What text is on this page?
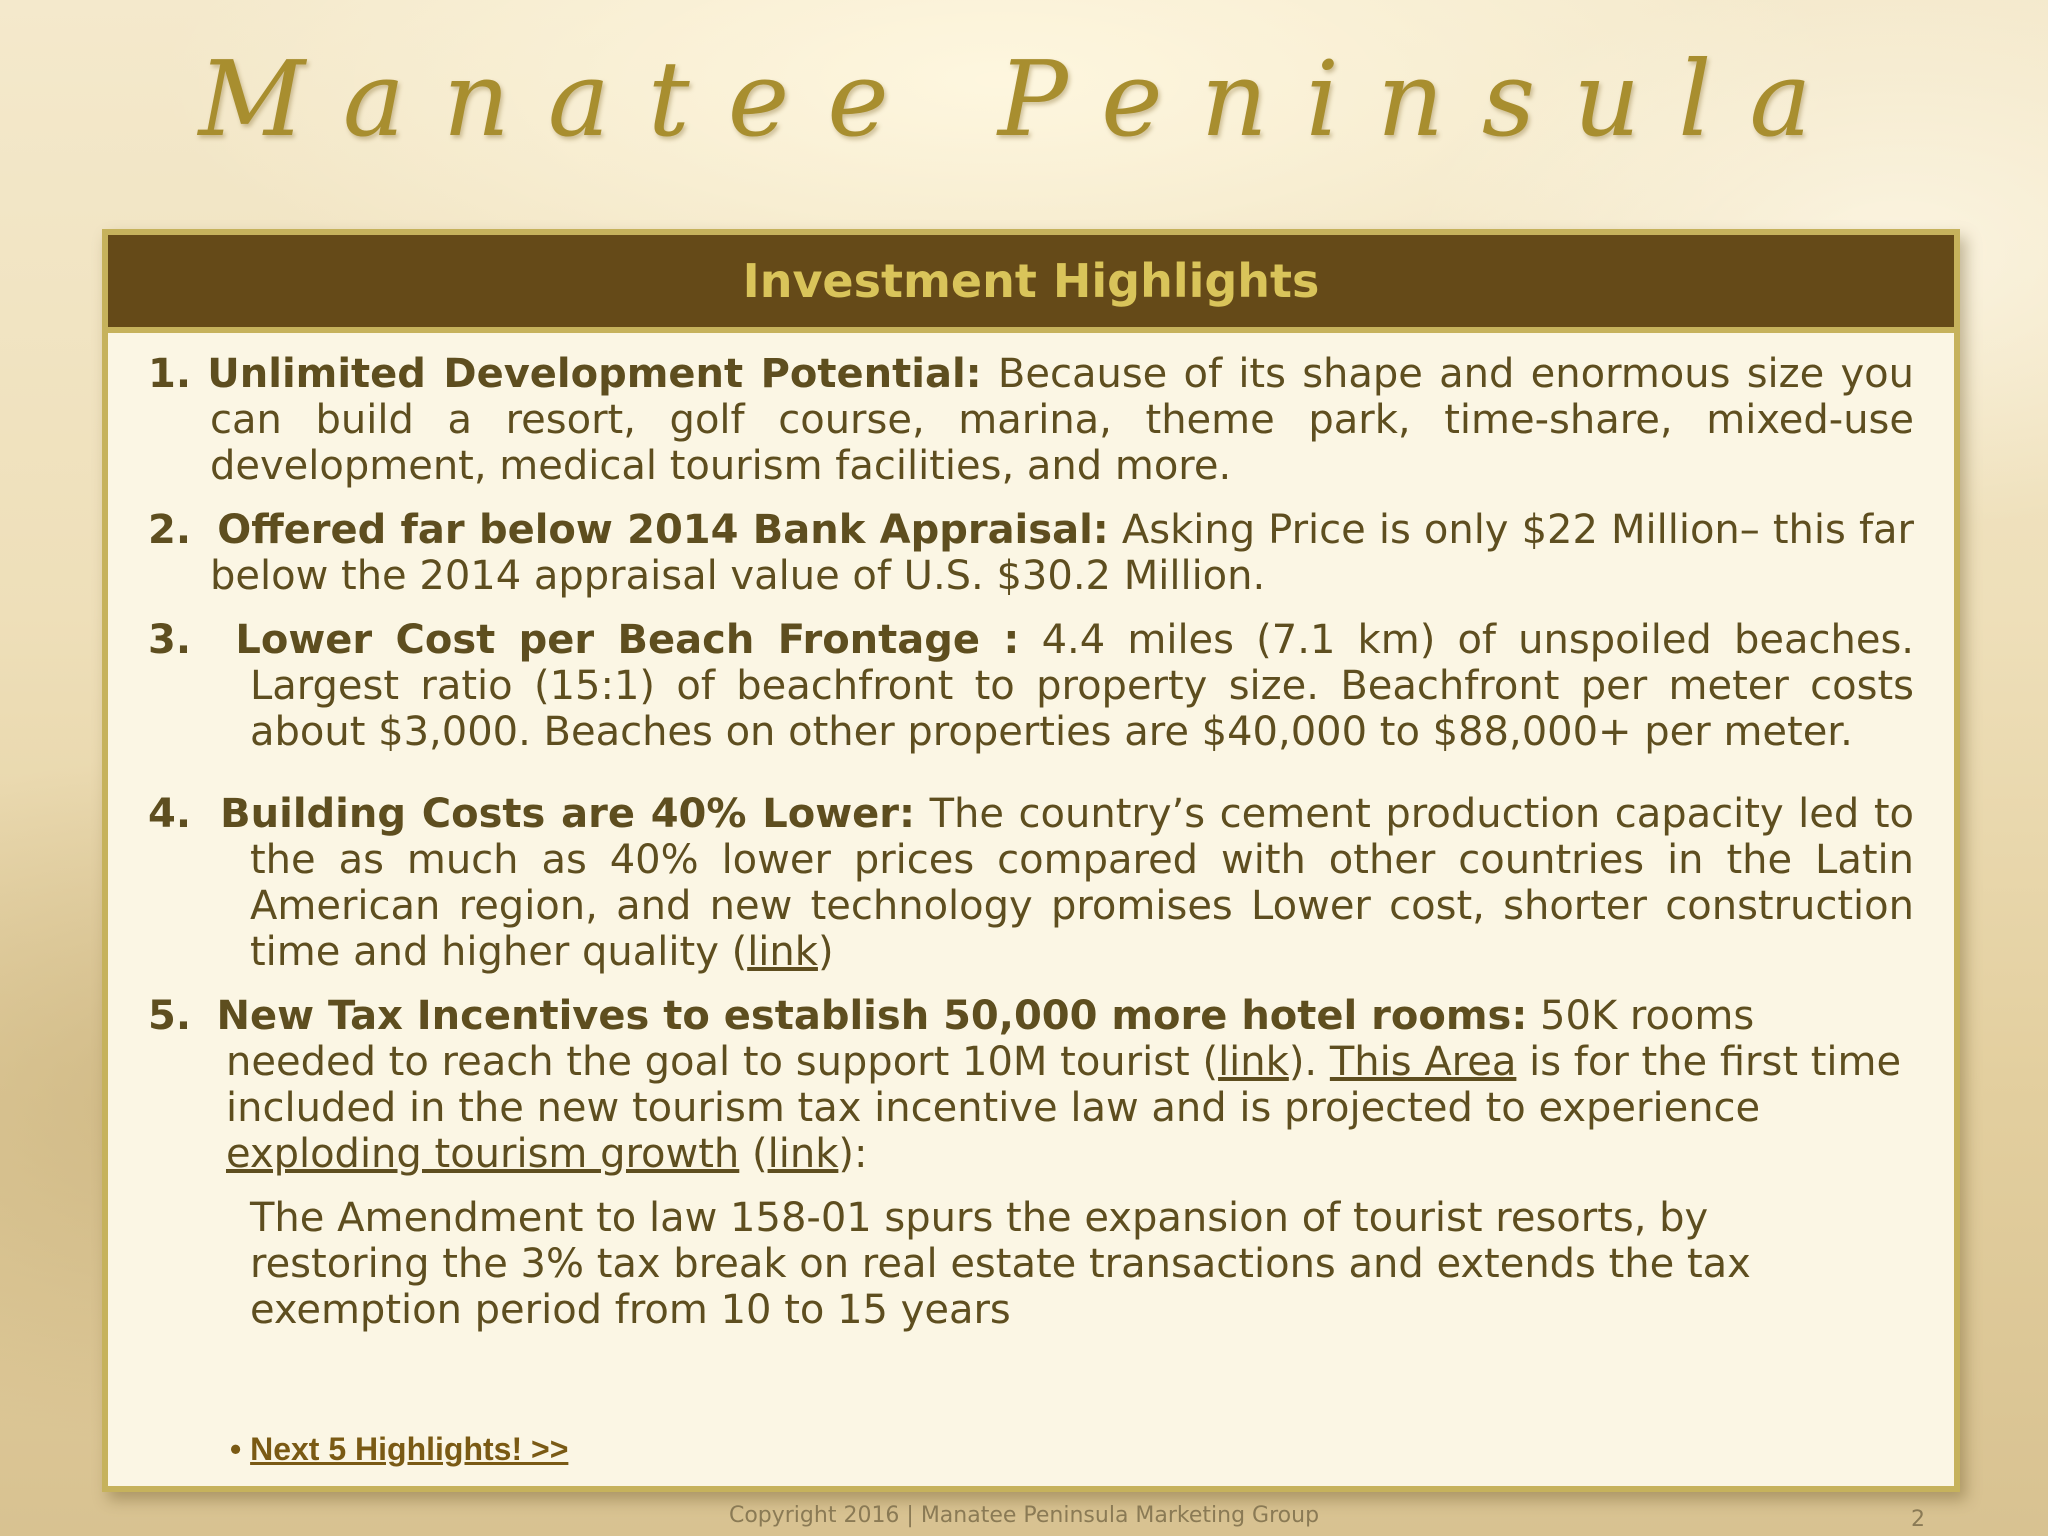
Manatee Peninsula
Investment Highlights

1. Unlimited Development Potential: Because of its shape and enormous size you can build a resort, golf course, marina, theme park, time-share, mixed-use development, medical tourism facilities, and more.

2. Offered far below 2014 Bank Appraisal: Asking Price is only $22 Million– this far below the 2014 appraisal value of U.S. $30.2 Million.

3. Lower Cost per Beach Frontage : 4.4 miles (7.1 km) of unspoiled beaches. Largest ratio (15:1) of beachfront to property size. Beachfront per meter costs about $3,000. Beaches on other properties are $40,000 to $88,000+ per meter.

4. Building Costs are 40% Lower: The country’s cement production capacity led to the as much as 40% lower prices compared with other countries in the Latin American region, and new technology promises Lower cost, shorter construction time and higher quality (link)

5. New Tax Incentives to establish 50,000 more hotel rooms: 50K rooms needed to reach the goal to support 10M tourist (link). This Area is for the first time included in the new tourism tax incentive law and is projected to experience exploding tourism growth (link):

The Amendment to law 158-01 spurs the expansion of tourist resorts, by restoring the 3% tax break on real estate transactions and extends the tax exemption period from 10 to 15 years

• Next 5 Highlights! >>
Copyright 2016 | Manatee Peninsula Marketing Group	2
